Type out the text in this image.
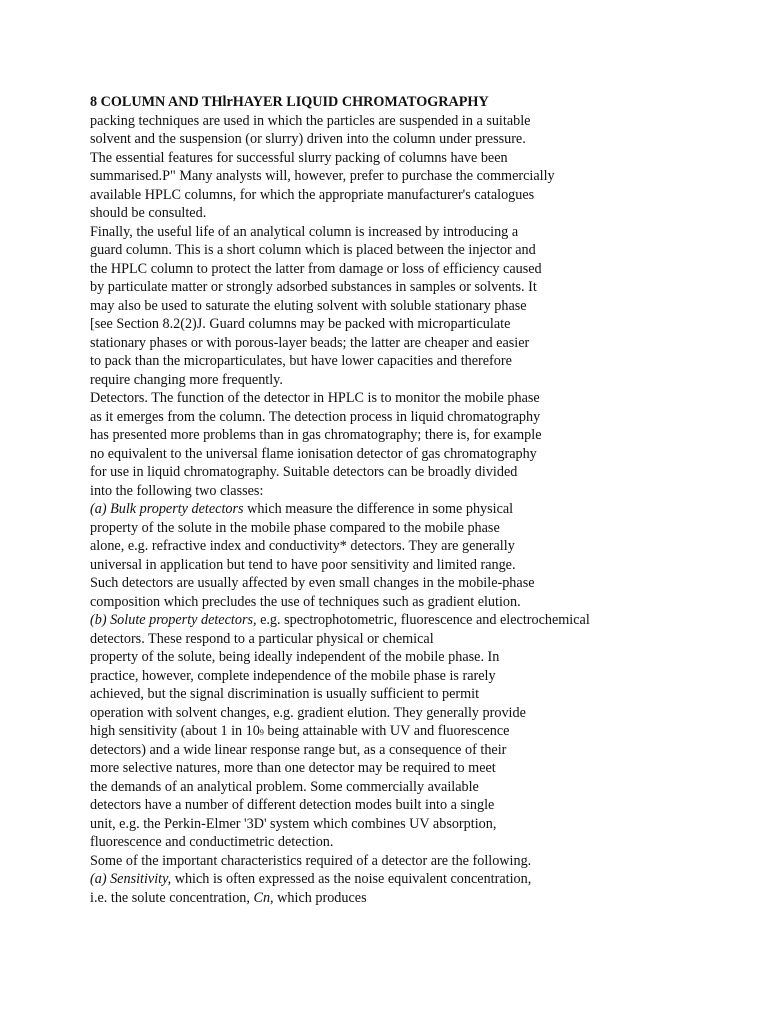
8 COLUMN AND THlrHAYER LIQUID CHROMATOGRAPHY
packing techniques are used in which the particles are suspended in a suitable
solvent and the suspension (or slurry) driven into the column under pressure.
The essential features for successful slurry packing of columns have been
summarised.P" Many analysts will, however, prefer to purchase the commercially
available HPLC columns, for which the appropriate manufacturer's catalogues
should be consulted.
Finally, the useful life of an analytical column is increased by introducing a
guard column. This is a short column which is placed between the injector and
the HPLC column to protect the latter from damage or loss of efficiency caused
by particulate matter or strongly adsorbed substances in samples or solvents. It
may also be used to saturate the eluting solvent with soluble stationary phase
[see Section 8.2(2)J. Guard columns may be packed with microparticulate
stationary phases or with porous-layer beads; the latter are cheaper and easier
to pack than the microparticulates, but have lower capacities and therefore
require changing more frequently.
Detectors. The function of the detector in HPLC is to monitor the mobile phase
as it emerges from the column. The detection process in liquid chromatography
has presented more problems than in gas chromatography; there is, for example
no equivalent to the universal flame ionisation detector of gas chromatography
for use in liquid chromatography. Suitable detectors can be broadly divided
into the following two classes:
(a) Bulk property detectors which measure the difference in some physical
property of the solute in the mobile phase compared to the mobile phase
alone, e.g. refractive index and conductivity* detectors. They are generally
universal in application but tend to have poor sensitivity and limited range.
Such detectors are usually affected by even small changes in the mobile-phase
composition which precludes the use of techniques such as gradient elution.
(b) Solute property detectors, e.g. spectrophotometric, fluorescence and electrochemical
detectors. These respond to a particular physical or chemical
property of the solute, being ideally independent of the mobile phase. In
practice, however, complete independence of the mobile phase is rarely
achieved, but the signal discrimination is usually sufficient to permit
operation with solvent changes, e.g. gradient elution. They generally provide
high sensitivity (about 1 in 109 being attainable with UV and fluorescence
detectors) and a wide linear response range but, as a consequence of their
more selective natures, more than one detector may be required to meet
the demands of an analytical problem. Some commercially available
detectors have a number of different detection modes built into a single
unit, e.g. the Perkin-Elmer '3D' system which combines UV absorption,
fluorescence and conductimetric detection.
Some of the important characteristics required of a detector are the following.
(a) Sensitivity, which is often expressed as the noise equivalent concentration,
i.e. the solute concentration, Cn, which produces
